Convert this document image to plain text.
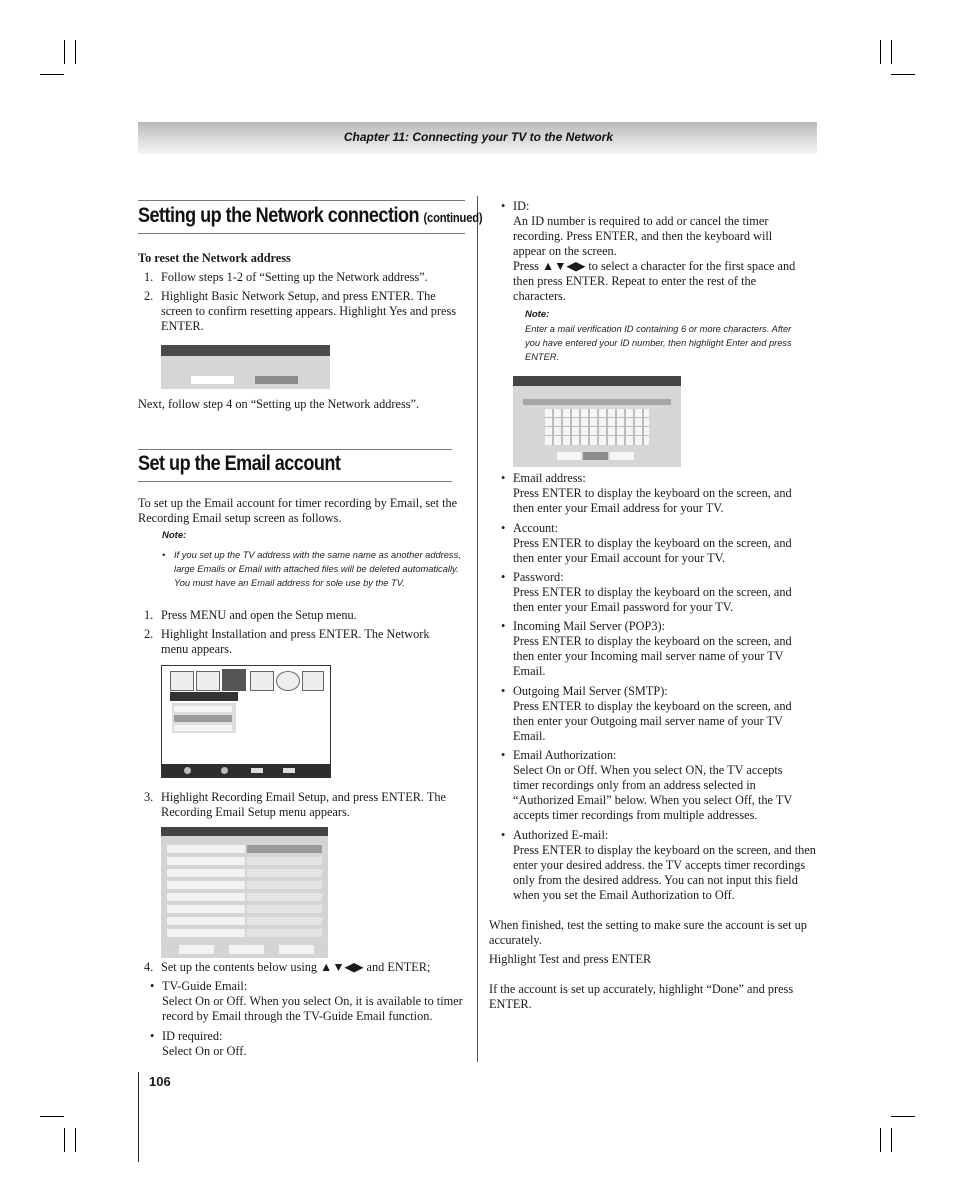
Chapter 11: Connecting your TV to the Network
Setting up the Network connection (continued)
To reset the Network address
1. Follow steps 1-2 of “Setting up the Network address”.
2. Highlight Basic Network Setup, and press ENTER. The screen to confirm resetting appears. Highlight Yes and press ENTER.
Next, follow step 4 on “Setting up the Network address”.
Set up the Email account
To set up the Email account for timer recording by Email, set the Recording Email setup screen as follows.
Note:
• If you set up the TV address with the same name as another address, large Emails or Email with attached files will be deleted automatically. You must have an Email address for sole use by the TV.
1. Press MENU and open the Setup menu.
2. Highlight Installation and press ENTER. The Network menu appears.
3. Highlight Recording Email Setup, and press ENTER. The Recording Email Setup menu appears.
4. Set up the contents below using ▲▼◀▶ and ENTER;
• TV-Guide Email:
Select On or Off. When you select On, it is available to timer record by Email through the TV-Guide Email function.
• ID required:
Select On or Off.
106
• ID:
An ID number is required to add or cancel the timer recording. Press ENTER, and then the keyboard will appear on the screen.
Press ▲▼◀▶ to select a character for the first space and then press ENTER. Repeat to enter the rest of the characters.
Note:
Enter a mail verification ID containing 6 or more characters. After you have entered your ID number, then highlight Enter and press ENTER.
• Email address:
Press ENTER to display the keyboard on the screen, and then enter your Email address for your TV.
• Account:
Press ENTER to display the keyboard on the screen, and then enter your Email account for your TV.
• Password:
Press ENTER to display the keyboard on the screen, and then enter your Email password for your TV.
• Incoming Mail Server (POP3):
Press ENTER to display the keyboard on the screen, and then enter your Incoming mail server name of your TV Email.
• Outgoing Mail Server (SMTP):
Press ENTER to display the keyboard on the screen, and then enter your Outgoing mail server name of your TV Email.
• Email Authorization:
Select On or Off. When you select ON, the TV accepts timer recordings only from an address selected in “Authorized Email” below. When you select Off, the TV accepts timer recordings from multiple addresses.
• Authorized E-mail:
Press ENTER to display the keyboard on the screen, and then enter your desired address. the TV accepts timer recordings only from the desired address. You can not input this field when you set the Email Authorization to Off.
When finished, test the setting to make sure the account is set up accurately.
Highlight Test and press ENTER
If the account is set up accurately, highlight “Done” and press ENTER.
